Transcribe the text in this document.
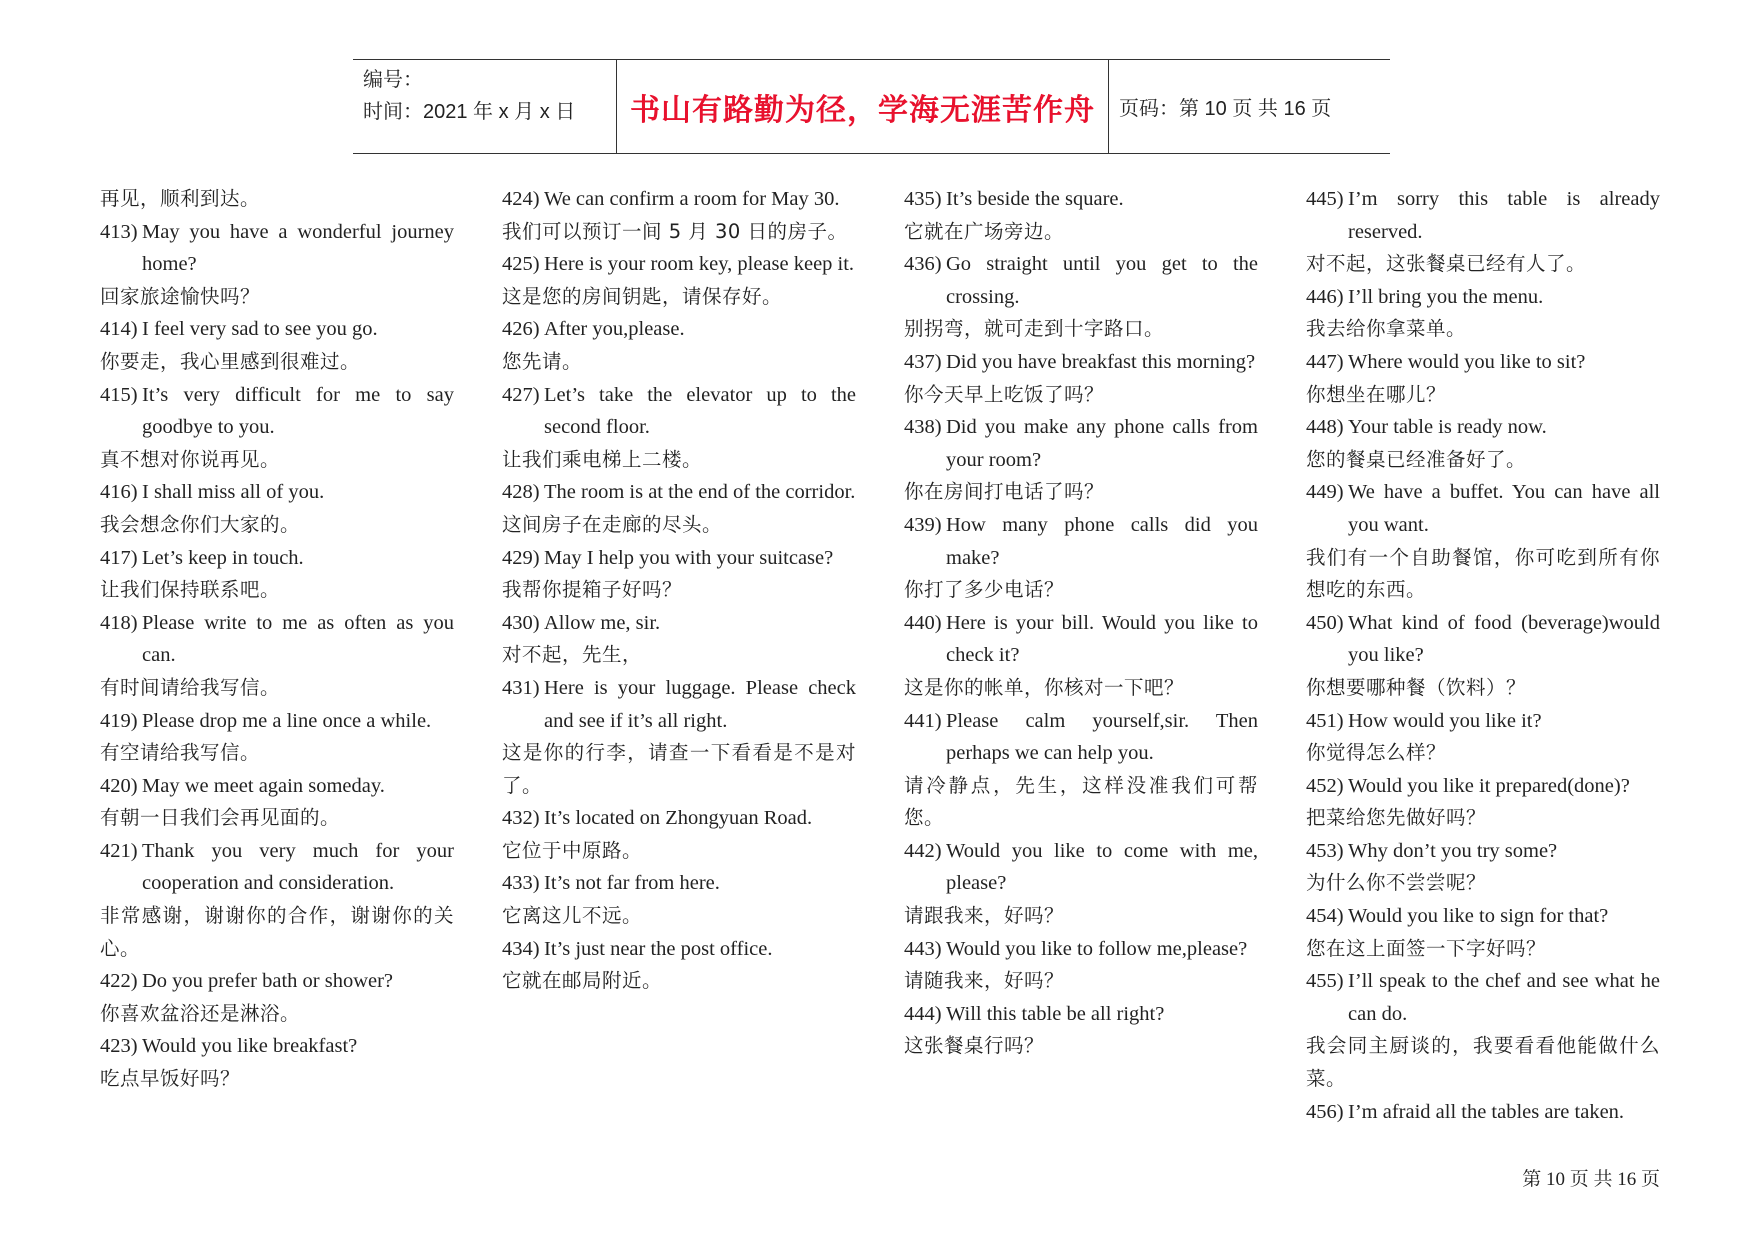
编号：
时间：2021 年 x 月 x 日	书山有路勤为径，学海无涯苦作舟 页码：第 10 页 共 16 页

再见，顺利到达。

413) May you have a wonderful journey home?

回家旅途愉快吗？

414) I feel very sad to see you go.

你要走，我心里感到很难过。

415) It’s very difficult for me to say goodbye to you.

真不想对你说再见。

416) I shall miss all of you.

我会想念你们大家的。

417) Let’s keep in touch.

让我们保持联系吧。

418) Please write to me as often as you can.

有时间请给我写信。

419) Please drop me a line once a while.

有空请给我写信。

420) May we meet again someday.

有朝一日我们会再见面的。

421) Thank you very much for your cooperation and consideration.

非常感谢，谢谢你的合作，谢谢你的关心。

422) Do you prefer bath or shower?

你喜欢盆浴还是淋浴。

423) Would you like breakfast?

吃点早饭好吗？

424) We can confirm a room for May 30.

我们可以预订一间 5 月 30 日的房子。

425) Here is your room key, please keep it.

这是您的房间钥匙，请保存好。

426) After you,please.

您先请。

427) Let’s take the elevator up to the second floor.

让我们乘电梯上二楼。

428) The room is at the end of the corridor.

这间房子在走廊的尽头。

429) May I help you with your suitcase?

我帮你提箱子好吗？

430) Allow me, sir.

对不起，先生，

431) Here is your luggage. Please check and see if it’s all right.

这是你的行李，请查一下看看是不是对了。

432) It’s located on Zhongyuan Road.

它位于中原路。

433) It’s not far from here.

它离这儿不远。

434) It’s just near the post office.

它就在邮局附近。

435) It’s beside the square.

它就在广场旁边。

436) Go straight until you get to the crossing.

别拐弯，就可走到十字路口。

437) Did you have breakfast this morning?

你今天早上吃饭了吗？

438) Did you make any phone calls from your room?

你在房间打电话了吗？

439) How many phone calls did you make?

你打了多少电话？

440) Here is your bill. Would you like to check it?

这是你的帐单，你核对一下吧？

441) Please calm yourself,sir. Then perhaps we can help you.

请冷静点，先生，这样没准我们可帮您。

442) Would you like to come with me, please?

请跟我来，好吗？

443) Would you like to follow me,please?

请随我来，好吗？

444) Will this table be all right?

这张餐桌行吗？

445) I’m sorry this table is already reserved.

对不起，这张餐桌已经有人了。

446) I’ll bring you the menu.

我去给你拿菜单。

447) Where would you like to sit?

你想坐在哪儿？

448) Your table is ready now.

您的餐桌已经准备好了。

449) We have a buffet. You can have all you want.

我们有一个自助餐馆，你可吃到所有你想吃的东西。

450) What kind of food (beverage)would you like?

你想要哪种餐（饮料）？

451) How would you like it?

你觉得怎么样？

452) Would you like it prepared(done)?

把菜给您先做好吗？

453) Why don’t you try some?

为什么你不尝尝呢？

454) Would you like to sign for that?

您在这上面签一下字好吗？

455) I’ll speak to the chef and see what he can do.

我会同主厨谈的，我要看看他能做什么菜。

456) I’m afraid all the tables are taken.

第 10 页 共 16 页
